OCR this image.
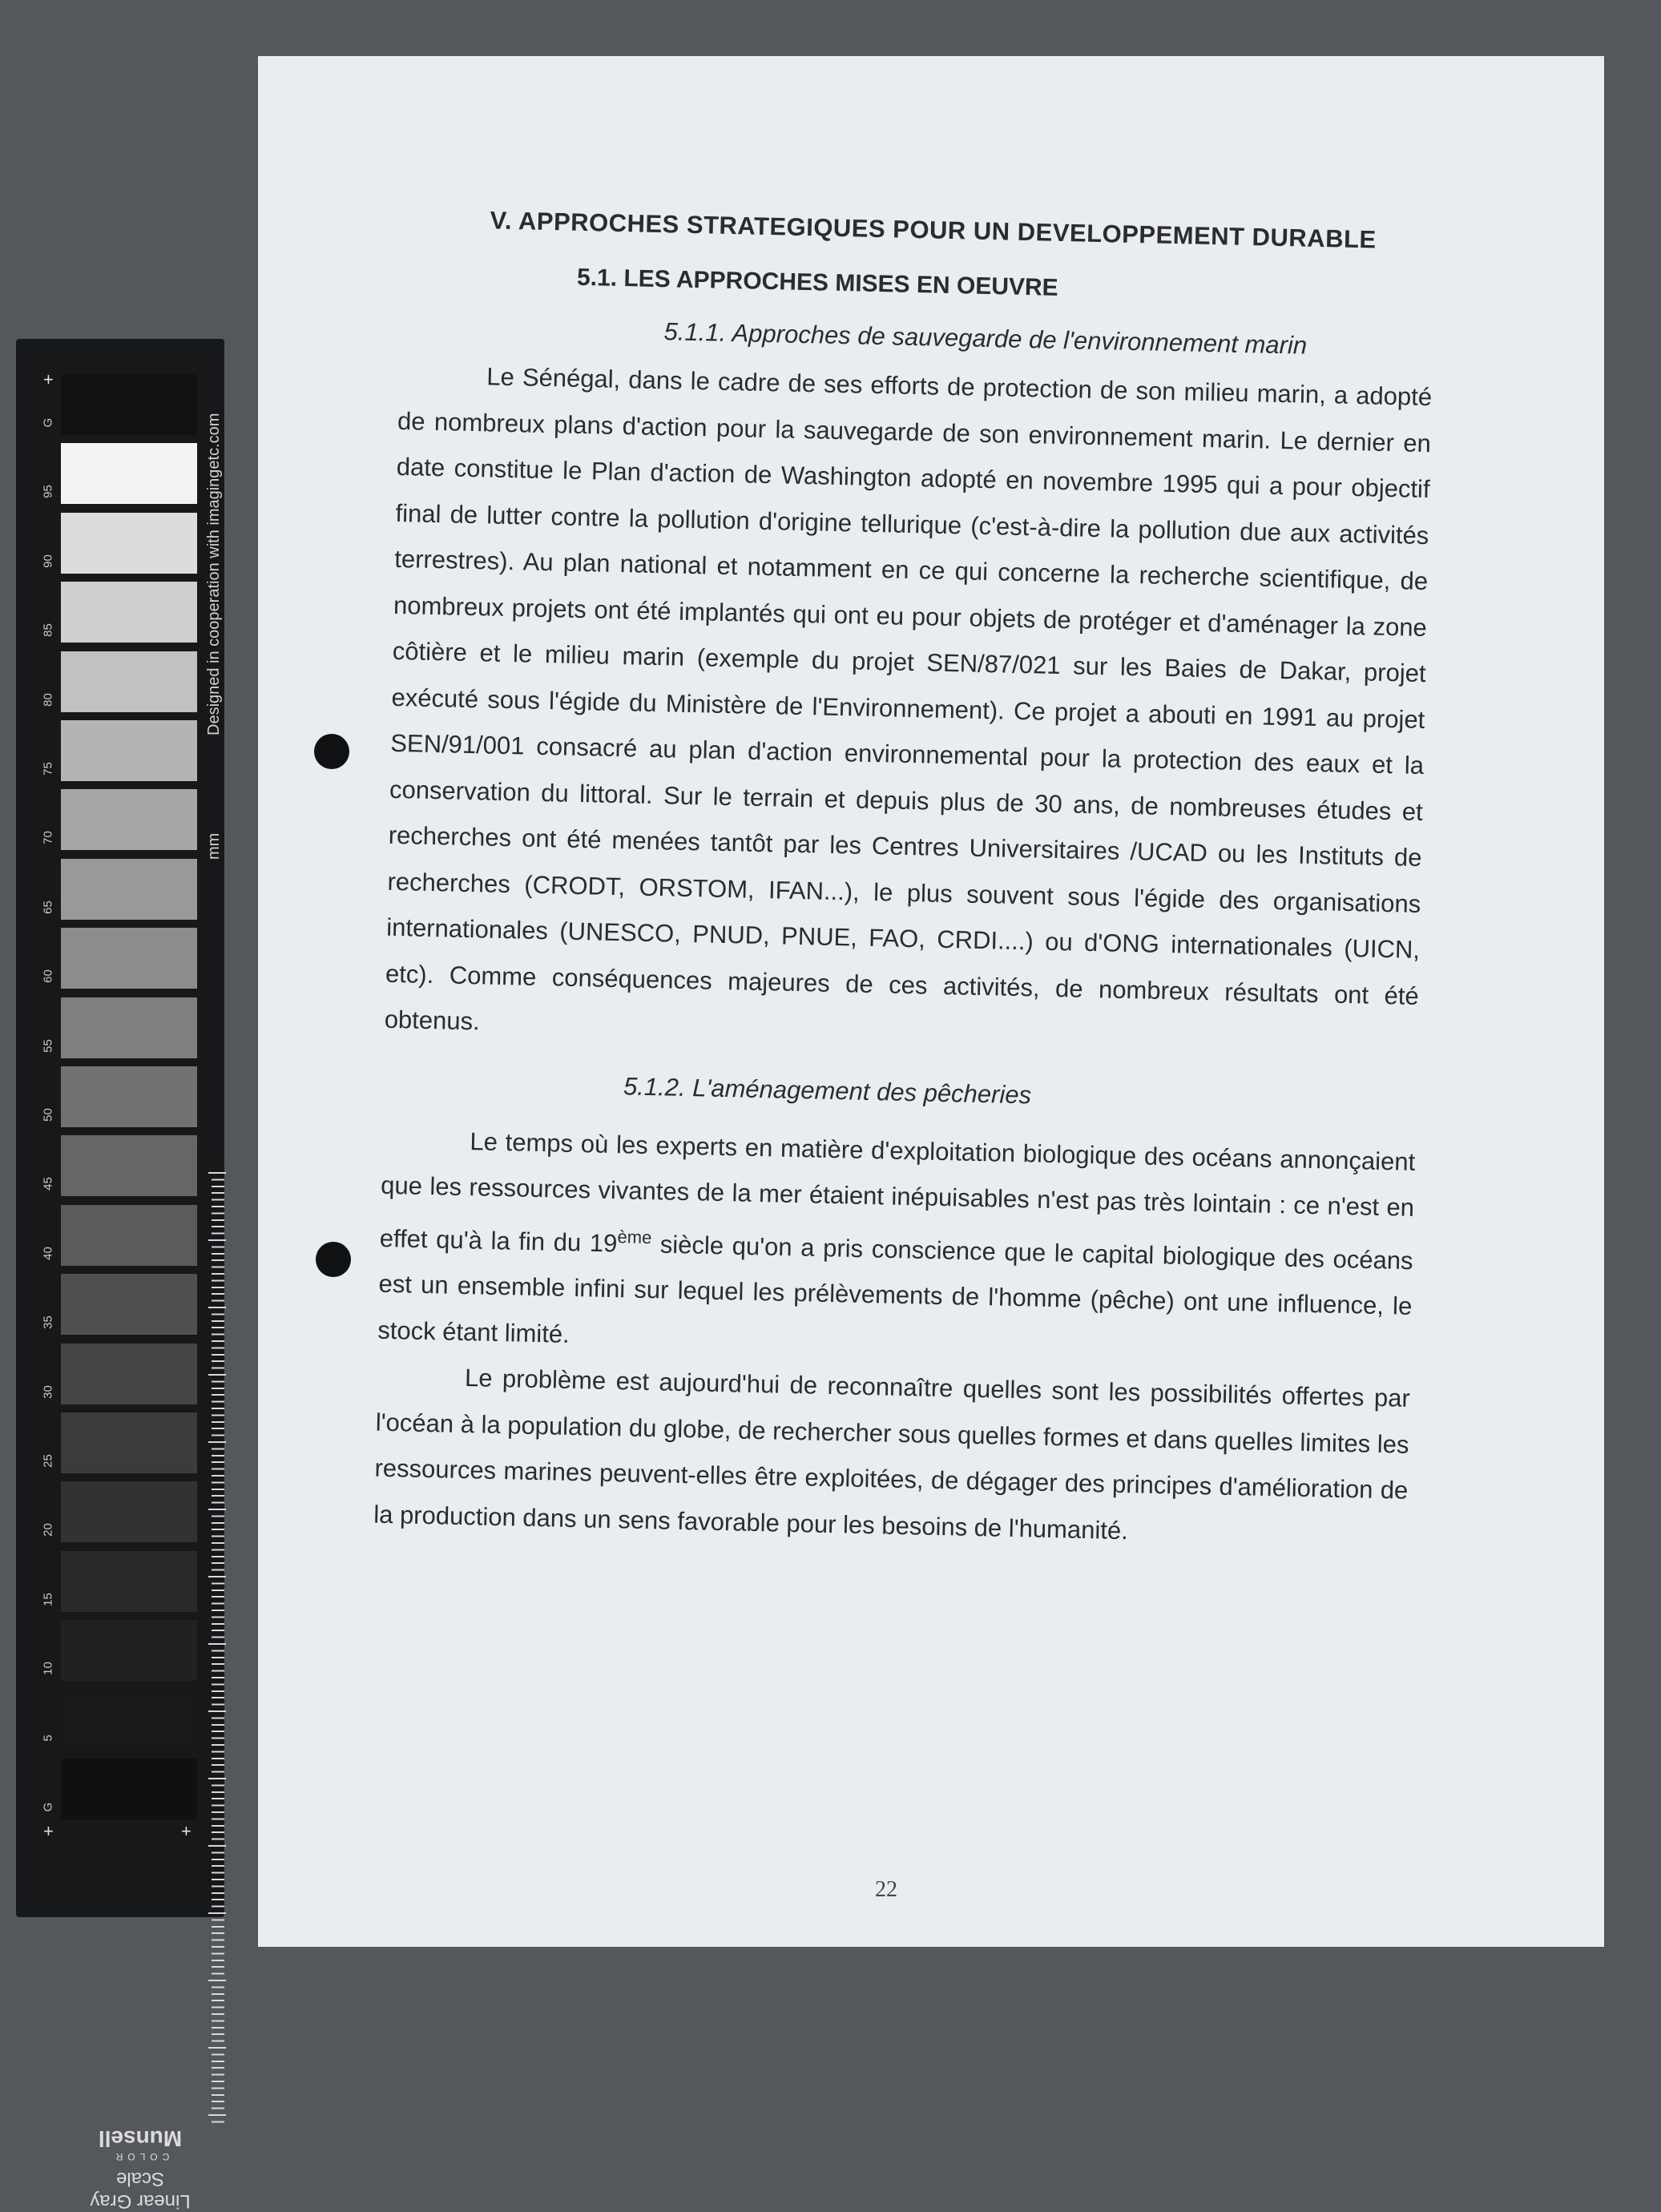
+
+	+
G
95
90
85
80
75
70
65
60
55
50
45
40
35
30
25
20
15
10
5
G
Designed in cooperation with imagingetc.com
mm
Linear Gray Scale
COLOR
Munsell
V. APPROCHES STRATEGIQUES POUR UN DEVELOPPEMENT DURABLE
5.1. LES APPROCHES MISES EN OEUVRE
5.1.1. Approches de sauvegarde de l'environnement marin

Le Sénégal, dans le cadre de ses efforts de protection de son milieu marin, a adopté de nombreux plans d'action pour la sauvegarde de son environnement marin. Le dernier en date constitue le Plan d'action de Washington adopté en novembre 1995 qui a pour objectif final de lutter contre la pollution d'origine tellurique (c'est-à-dire la pollution due aux activités terrestres). Au plan national et notamment en ce qui concerne la recherche scientifique, de nombreux projets ont été implantés qui ont eu pour objets de protéger et d'aménager la zone côtière et le milieu marin (exemple du projet SEN/87/021 sur les Baies de Dakar, projet exécuté sous l'égide du Ministère de l'Environnement). Ce projet a abouti en 1991 au projet SEN/91/001 consacré au plan d'action environnemental pour la protection des eaux et la conservation du littoral. Sur le terrain et depuis plus de 30 ans, de nombreuses études et recherches ont été menées tantôt par les Centres Universitaires /UCAD ou les Instituts de recherches (CRODT, ORSTOM, IFAN...), le plus souvent sous l'égide des organisations internationales (UNESCO, PNUD, PNUE, FAO, CRDI....) ou d'ONG internationales (UICN, etc). Comme conséquences majeures de ces activités, de nombreux résultats ont été obtenus.

5.1.2. L'aménagement des pêcheries

Le temps où les experts en matière d'exploitation biologique des océans annonçaient que les ressources vivantes de la mer étaient inépuisables n'est pas très lointain : ce n'est en effet qu'à la fin du 19ème siècle qu'on a pris conscience que le capital biologique des océans est un ensemble infini sur lequel les prélèvements de l'homme (pêche) ont une influence, le stock étant limité.

Le problème est aujourd'hui de reconnaître quelles sont les possibilités offertes par l'océan à la population du globe, de rechercher sous quelles formes et dans quelles limites les ressources marines peuvent-elles être exploitées, de dégager des principes d'amélioration de la production dans un sens favorable pour les besoins de l'humanité.

22
